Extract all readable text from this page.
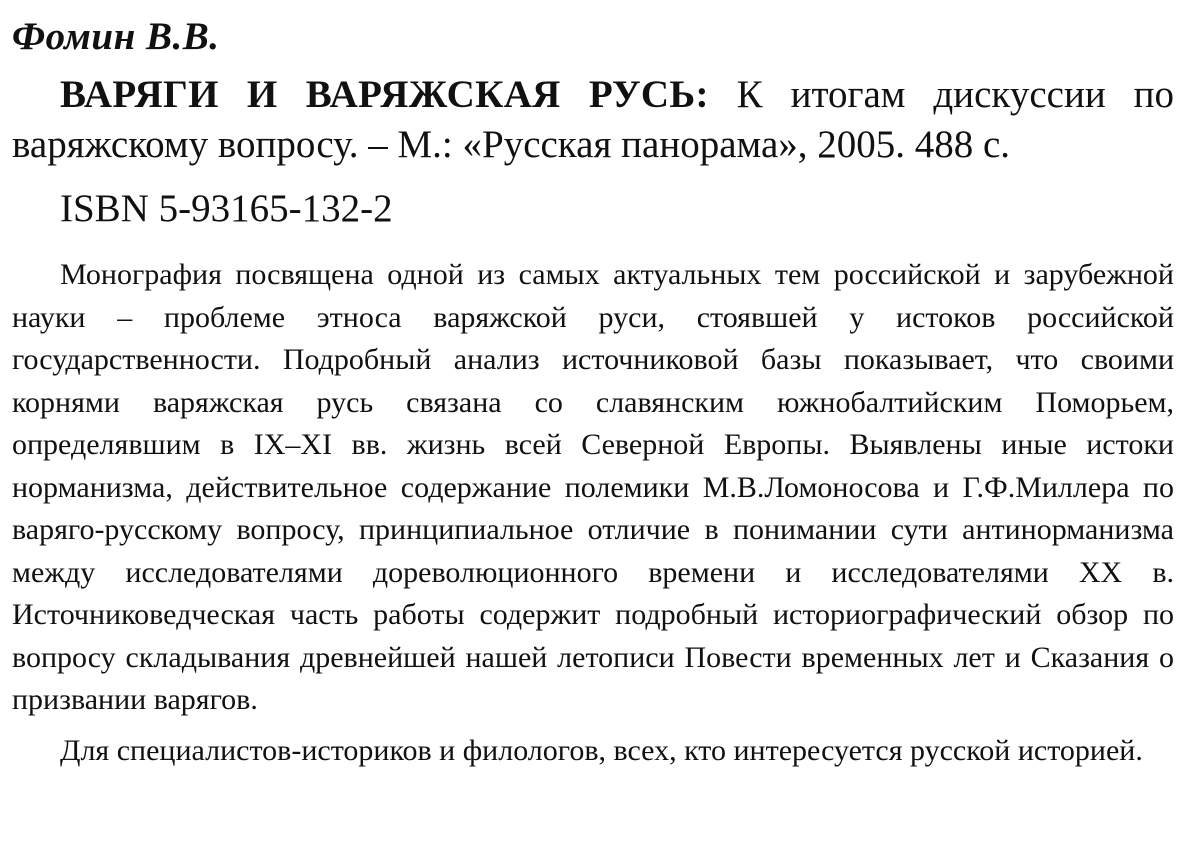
Фомин В.В.
ВАРЯГИ И ВАРЯЖСКАЯ РУСЬ: К итогам дискуссии по варяжскому вопросу. – М.: «Русская панорама», 2005. 488 с.
ISBN 5-93165-132-2

Монография посвящена одной из самых актуальных тем российской и зарубежной науки – проблеме этноса варяжской руси, стоявшей у истоков российской государственности. Подробный анализ источниковой базы показывает, что своими корнями варяжская русь связана со славянским южнобалтийским Поморьем, определявшим в IX–XI вв. жизнь всей Северной Европы. Выявлены иные истоки норманизма, действительное содержание полемики М.В.Ломоносова и Г.Ф.Миллера по варяго-русскому вопросу, принципиальное отличие в понимании сути антинорманизма между исследователями дореволюционного времени и исследователями XX в. Источниковедческая часть работы содержит подробный историографический обзор по вопросу складывания древнейшей нашей летописи Повести временных лет и Сказания о призвании варягов.

Для специалистов-историков и филологов, всех, кто интересуется русской историей.
